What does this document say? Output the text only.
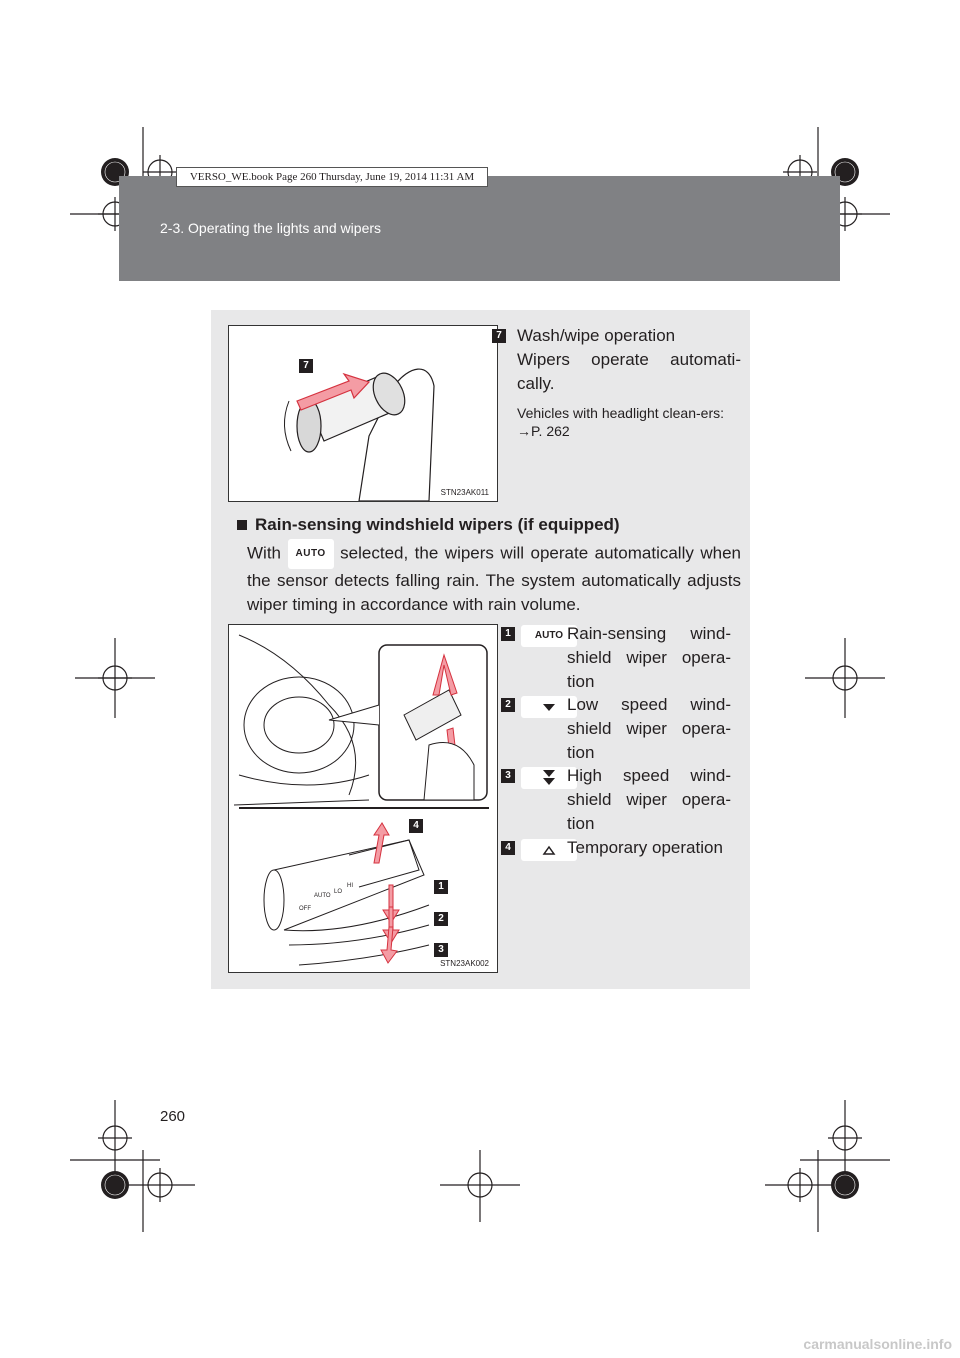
2-3. Operating the lights and wipers
VERSO_WE.book Page 260 Thursday, June 19, 2014 11:31 AM
7
STN23AK011
7 Wash/wipe operation
Wipers operate automati-cally.
Vehicles with headlight clean-ers: →P. 262
Rain-sensing windshield wipers (if equipped)
With AUTO selected, the wipers will operate automatically when the sensor detects falling rain. The system automatically adjusts wiper timing in accordance with rain volume.
OFF
AUTO
LO
HI
4
1
2
3
STN23AK002
1	AUTO Rain-sensing wind-shield wiper opera-tion
2	Low speed wind-shield wiper opera-tion
3	High speed wind-shield wiper opera-tion
4	Temporary operation
260
carmanualsonline.info
